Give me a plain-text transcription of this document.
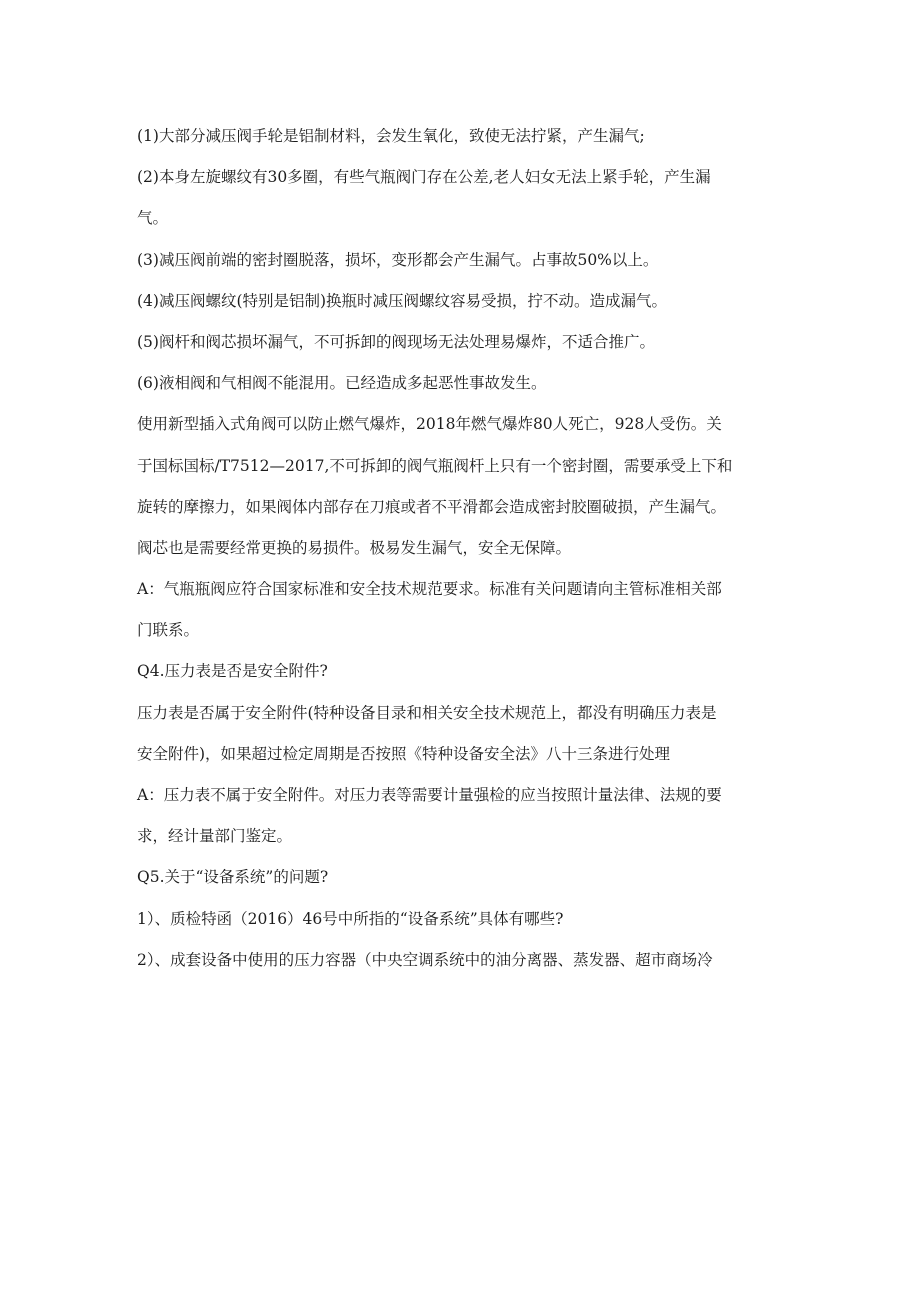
(1)大部分减压阀手轮是铝制材料，会发生氧化，致使无法拧紧，产生漏气;
(2)本身左旋螺纹有30多圈，有些气瓶阀门存在公差,老人妇女无法上紧手轮，产生漏
气。
(3)减压阀前端的密封圈脱落，损坏，变形都会产生漏气。占事故50%以上。
(4)减压阀螺纹(特别是铝制)换瓶时减压阀螺纹容易受损，拧不动。造成漏气。
(5)阀杆和阀芯损坏漏气，不可拆卸的阀现场无法处理易爆炸，不适合推广。
(6)液相阀和气相阀不能混用。已经造成多起恶性事故发生。
使用新型插入式角阀可以防止燃气爆炸，2018年燃气爆炸80人死亡，928人受伤。关
于国标国标/T7512—2017,不可拆卸的阀气瓶阀杆上只有一个密封圈，需要承受上下和
旋转的摩擦力，如果阀体内部存在刀痕或者不平滑都会造成密封胶圈破损，产生漏气。
阀芯也是需要经常更换的易损件。极易发生漏气，安全无保障。
A：气瓶瓶阀应符合国家标准和安全技术规范要求。标准有关问题请向主管标准相关部
门联系。
Q4.压力表是否是安全附件?
压力表是否属于安全附件(特种设备目录和相关安全技术规范上，都没有明确压力表是
安全附件)，如果超过检定周期是否按照《特种设备安全法》八十三条进行处理
A：压力表不属于安全附件。对压力表等需要计量强检的应当按照计量法律、法规的要
求，经计量部门鉴定。
Q5.关于“设备系统”的问题?
1）、质检特函（2016）46号中所指的“设备系统”具体有哪些?
2）、成套设备中使用的压力容器（中央空调系统中的油分离器、蒸发器、超市商场冷
